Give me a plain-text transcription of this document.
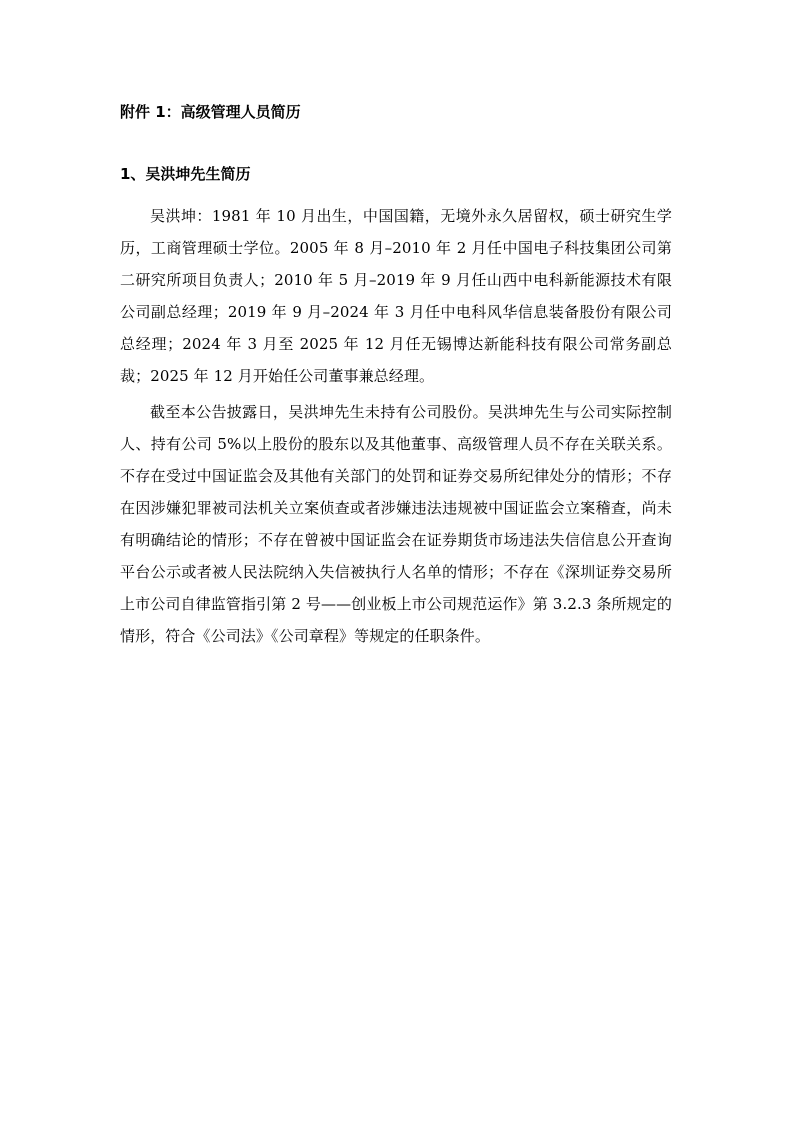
附件 1：高级管理人员简历
1、吴洪坤先生简历

吴洪坤：1981 年 10 月出生，中国国籍，无境外永久居留权，硕士研究生学历，工商管理硕士学位。2005 年 8 月–2010 年 2 月任中国电子科技集团公司第二研究所项目负责人；2010 年 5 月–2019 年 9 月任山西中电科新能源技术有限公司副总经理；2019 年 9 月–2024 年 3 月任中电科风华信息装备股份有限公司总经理；2024 年 3 月至 2025 年 12 月任无锡博达新能科技有限公司常务副总裁；2025 年 12 月开始任公司董事兼总经理。

截至本公告披露日，吴洪坤先生未持有公司股份。吴洪坤先生与公司实际控制人、持有公司 5%以上股份的股东以及其他董事、高级管理人员不存在关联关系。不存在受过中国证监会及其他有关部门的处罚和证券交易所纪律处分的情形；不存在因涉嫌犯罪被司法机关立案侦查或者涉嫌违法违规被中国证监会立案稽查，尚未有明确结论的情形；不存在曾被中国证监会在证券期货市场违法失信信息公开查询平台公示或者被人民法院纳入失信被执行人名单的情形；不存在《深圳证券交易所上市公司自律监管指引第 2 号——创业板上市公司规范运作》第 3.2.3 条所规定的情形，符合《公司法》《公司章程》等规定的任职条件。
